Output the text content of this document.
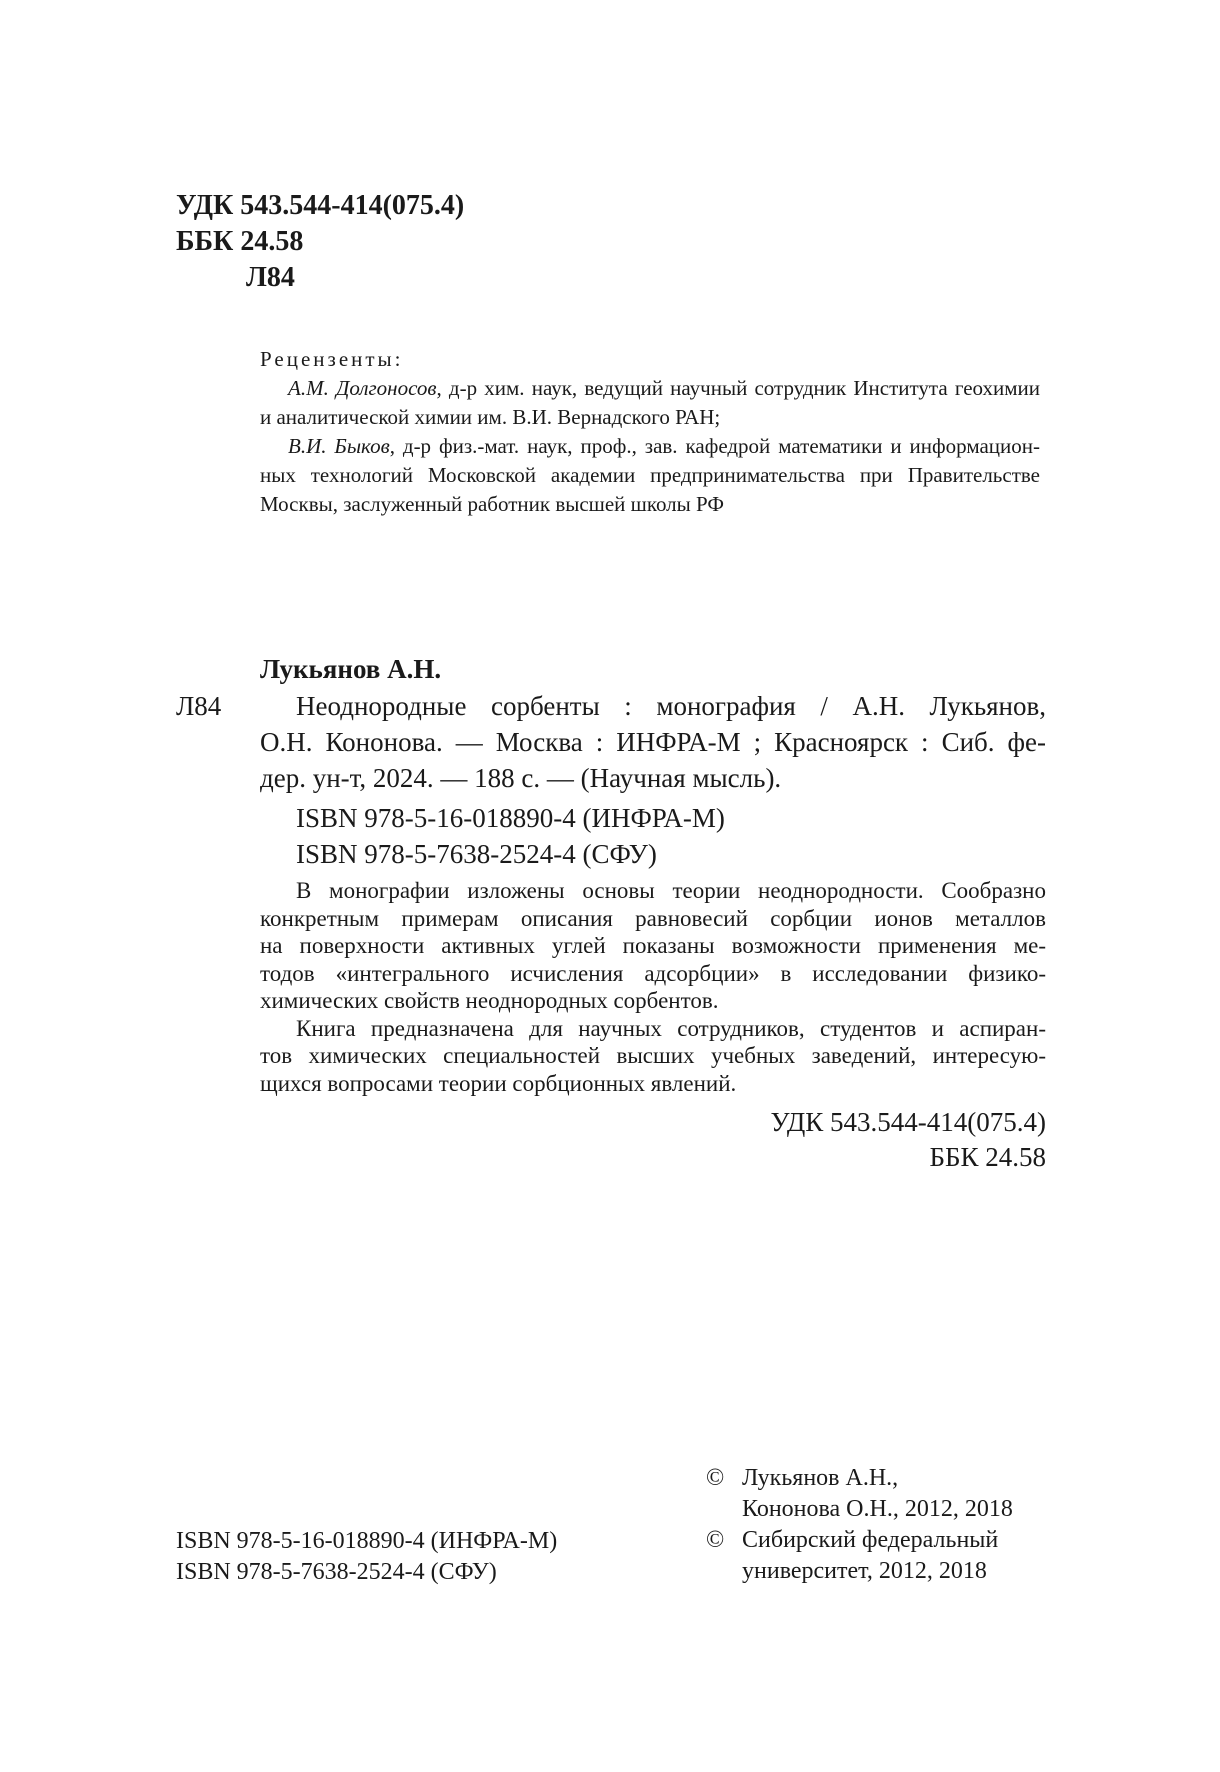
УДК 543.544-414(075.4)
ББК 24.58
Л84
Рецензенты:
А.М. Долгоносов, д-р хим. наук, ведущий научный сотрудник Института геохимии
и аналитической химии им. В.И. Вернадского РАН;
В.И. Быков, д-р физ.-мат. наук, проф., зав. кафедрой математики и информацион-
ных технологий Московской академии предпринимательства при Правительстве
Москвы, заслуженный работник высшей школы РФ
Лукьянов А.Н.
Л84	Неоднородные сорбенты : монография / А.Н. Лукьянов,
О.Н. Кононова. — Москва : ИНФРА-М ; Красноярск : Сиб. фе-
дер. ун-т, 2024. — 188 с. — (Научная мысль).
ISBN 978-5-16-018890-4 (ИНФРА-М)
ISBN 978-5-7638-2524-4 (СФУ)
В монографии изложены основы теории неоднородности. Сообразно
конкретным примерам описания равновесий сорбции ионов металлов
на поверхности активных углей показаны возможности применения ме-
тодов «интегрального исчисления адсорбции» в исследовании физико-
химических свойств неоднородных сорбентов.
Книга предназначена для научных сотрудников, студентов и аспиран-
тов химических специальностей высших учебных заведений, интересую-
щихся вопросами теории сорбционных явлений.
УДК 543.544-414(075.4)
ББК 24.58
© Лукьянов А.Н.,
Кононова О.Н., 2012, 2018
© Сибирский федеральный
университет, 2012, 2018
ISBN 978-5-16-018890-4 (ИНФРА-М)
ISBN 978-5-7638-2524-4 (СФУ)
